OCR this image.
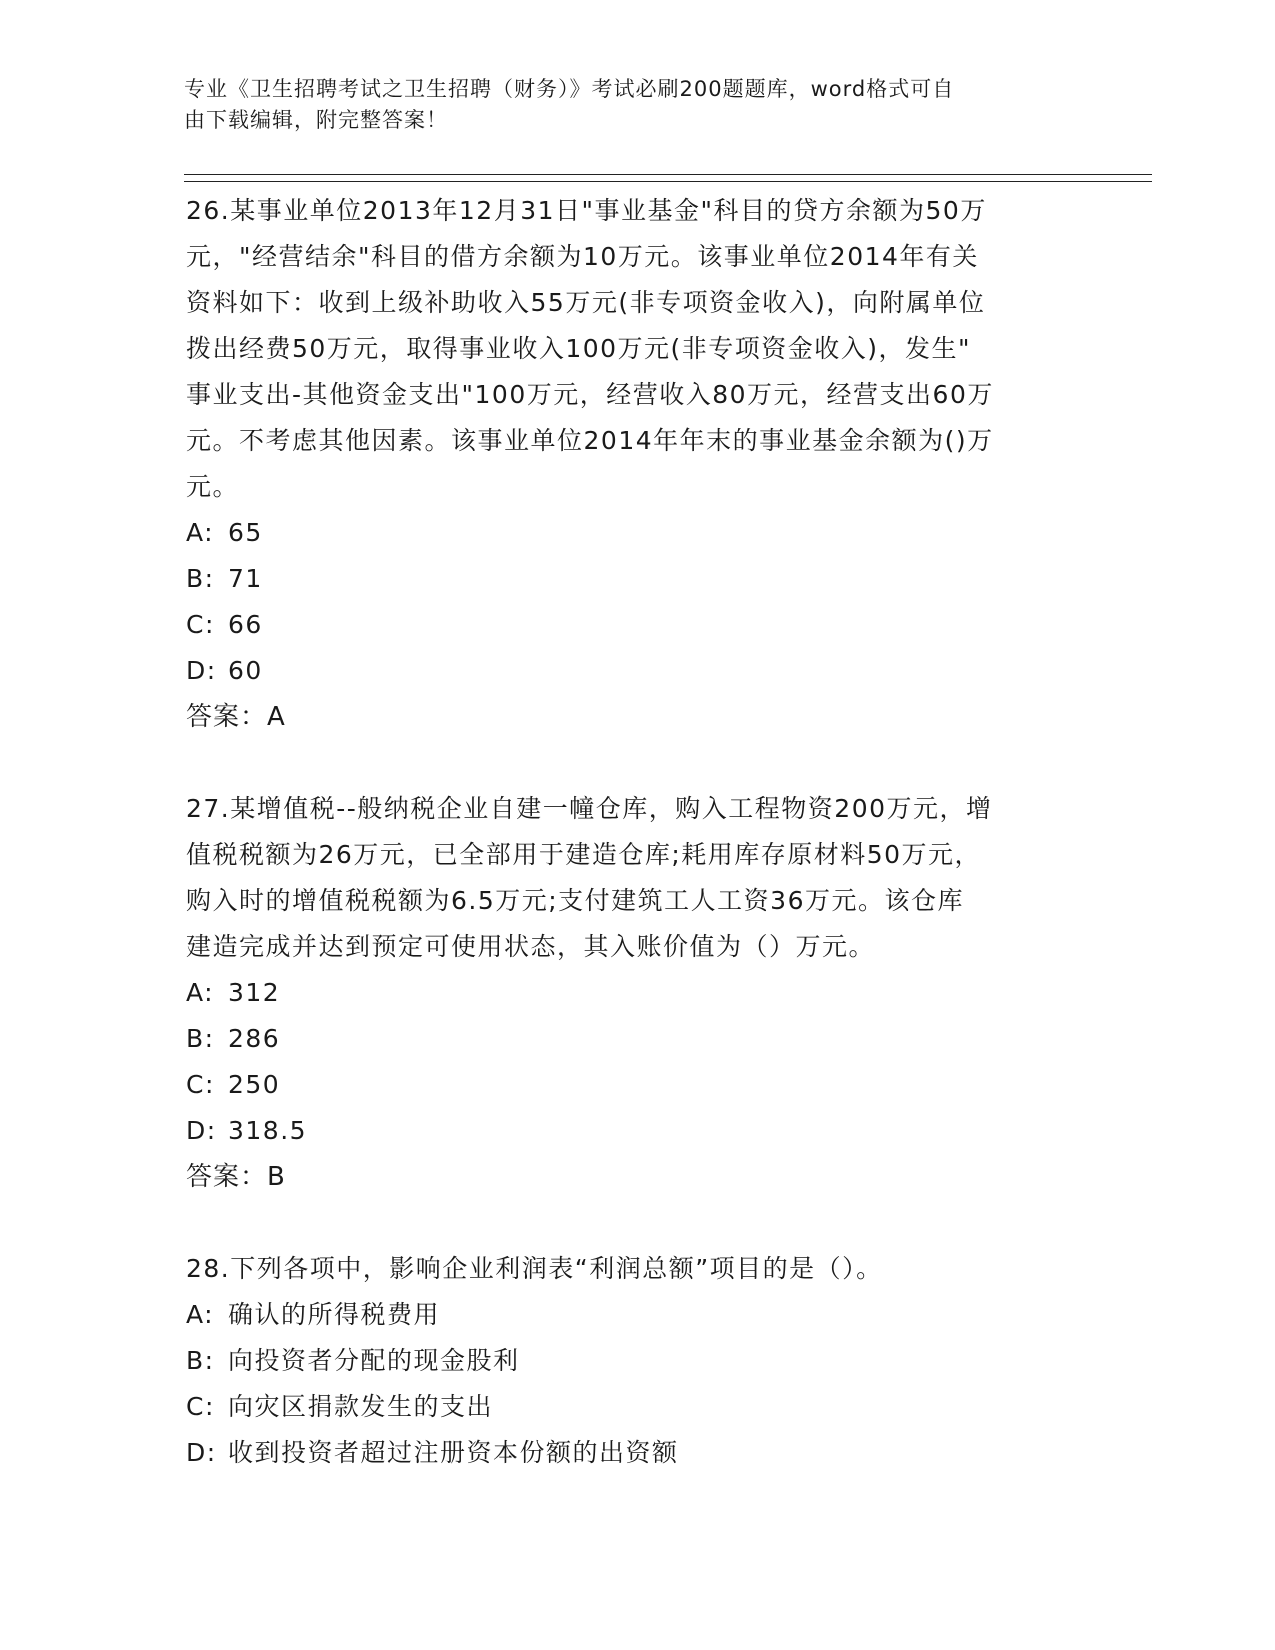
专业《卫生招聘考试之卫生招聘（财务）》考试必刷200题题库，word格式可自
由下载编辑，附完整答案！
26.某事业单位2013年12月31日"事业基金"科目的贷方余额为50万
元，"经营结余"科目的借方余额为10万元。该事业单位2014年有关
资料如下：收到上级补助收入55万元(非专项资金收入)，向附属单位
拨出经费50万元，取得事业收入100万元(非专项资金收入)，发生"
事业支出-其他资金支出"100万元，经营收入80万元，经营支出60万
元。不考虑其他因素。该事业单位2014年年末的事业基金余额为()万
元。
A: 65
B: 71
C: 66
D: 60
答案：A
27.某增值税--般纳税企业自建一幢仓库，购入工程物资200万元，增
值税税额为26万元，已全部用于建造仓库;耗用库存原材料50万元，
购入时的增值税税额为6.5万元;支付建筑工人工资36万元。该仓库
建造完成并达到预定可使用状态，其入账价值为（）万元。
A: 312
B: 286
C: 250
D: 318.5
答案：B
28.下列各项中，影响企业利润表“利润总额”项目的是（）。
A: 确认的所得税费用
B: 向投资者分配的现金股利
C: 向灾区捐款发生的支出
D: 收到投资者超过注册资本份额的出资额
